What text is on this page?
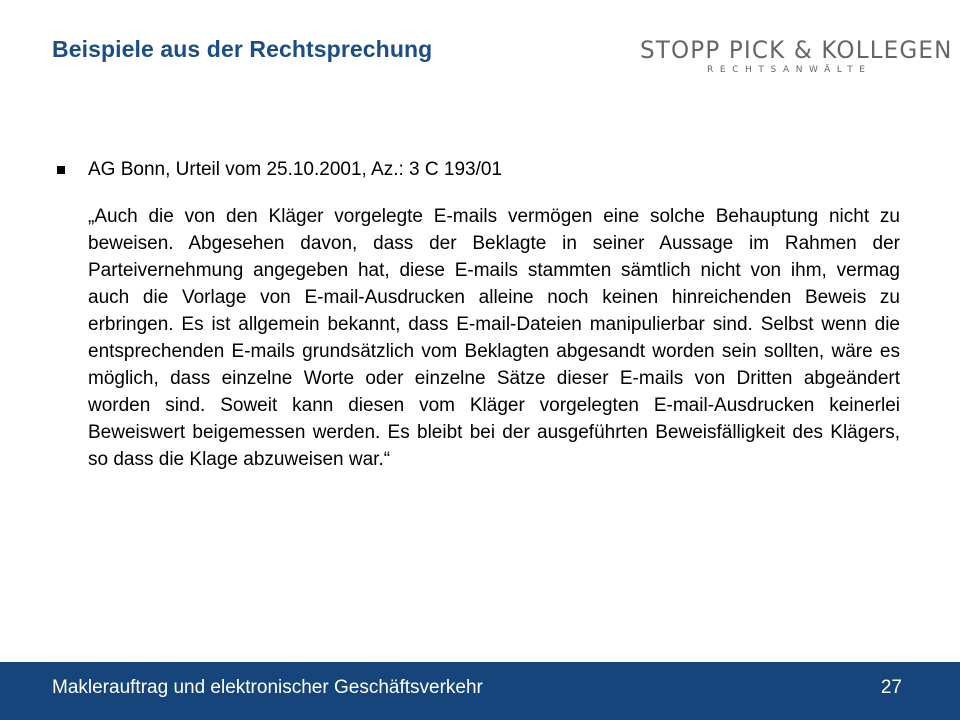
Beispiele aus der Rechtsprechung	STOPP PICK & KOLLEGEN
RECHTSANWÄLTE

AG Bonn, Urteil vom 25.10.2001, Az.: 3 C 193/01

„Auch die von den Kläger vorgelegte E-mails vermögen eine solche Behauptung nicht zu beweisen. Abgesehen davon, dass der Beklagte in seiner Aussage im Rahmen der Parteivernehmung angegeben hat, diese E-mails stammten sämtlich nicht von ihm, vermag auch die Vorlage von E-mail-Ausdrucken alleine noch keinen hinreichenden Beweis zu erbringen. Es ist allgemein bekannt, dass E-mail-Dateien manipulierbar sind. Selbst wenn die entsprechenden E-mails grundsätzlich vom Beklagten abgesandt worden sein sollten, wäre es möglich, dass einzelne Worte oder einzelne Sätze dieser E-mails von Dritten abgeändert worden sind. Soweit kann diesen vom Kläger vorgelegten E-mail-Ausdrucken keinerlei Beweiswert beigemessen werden. Es bleibt bei der ausgeführten Beweisfälligkeit des Klägers, so dass die Klage abzuweisen war.“

Maklerauftrag und elektronischer Geschäftsverkehr	27
